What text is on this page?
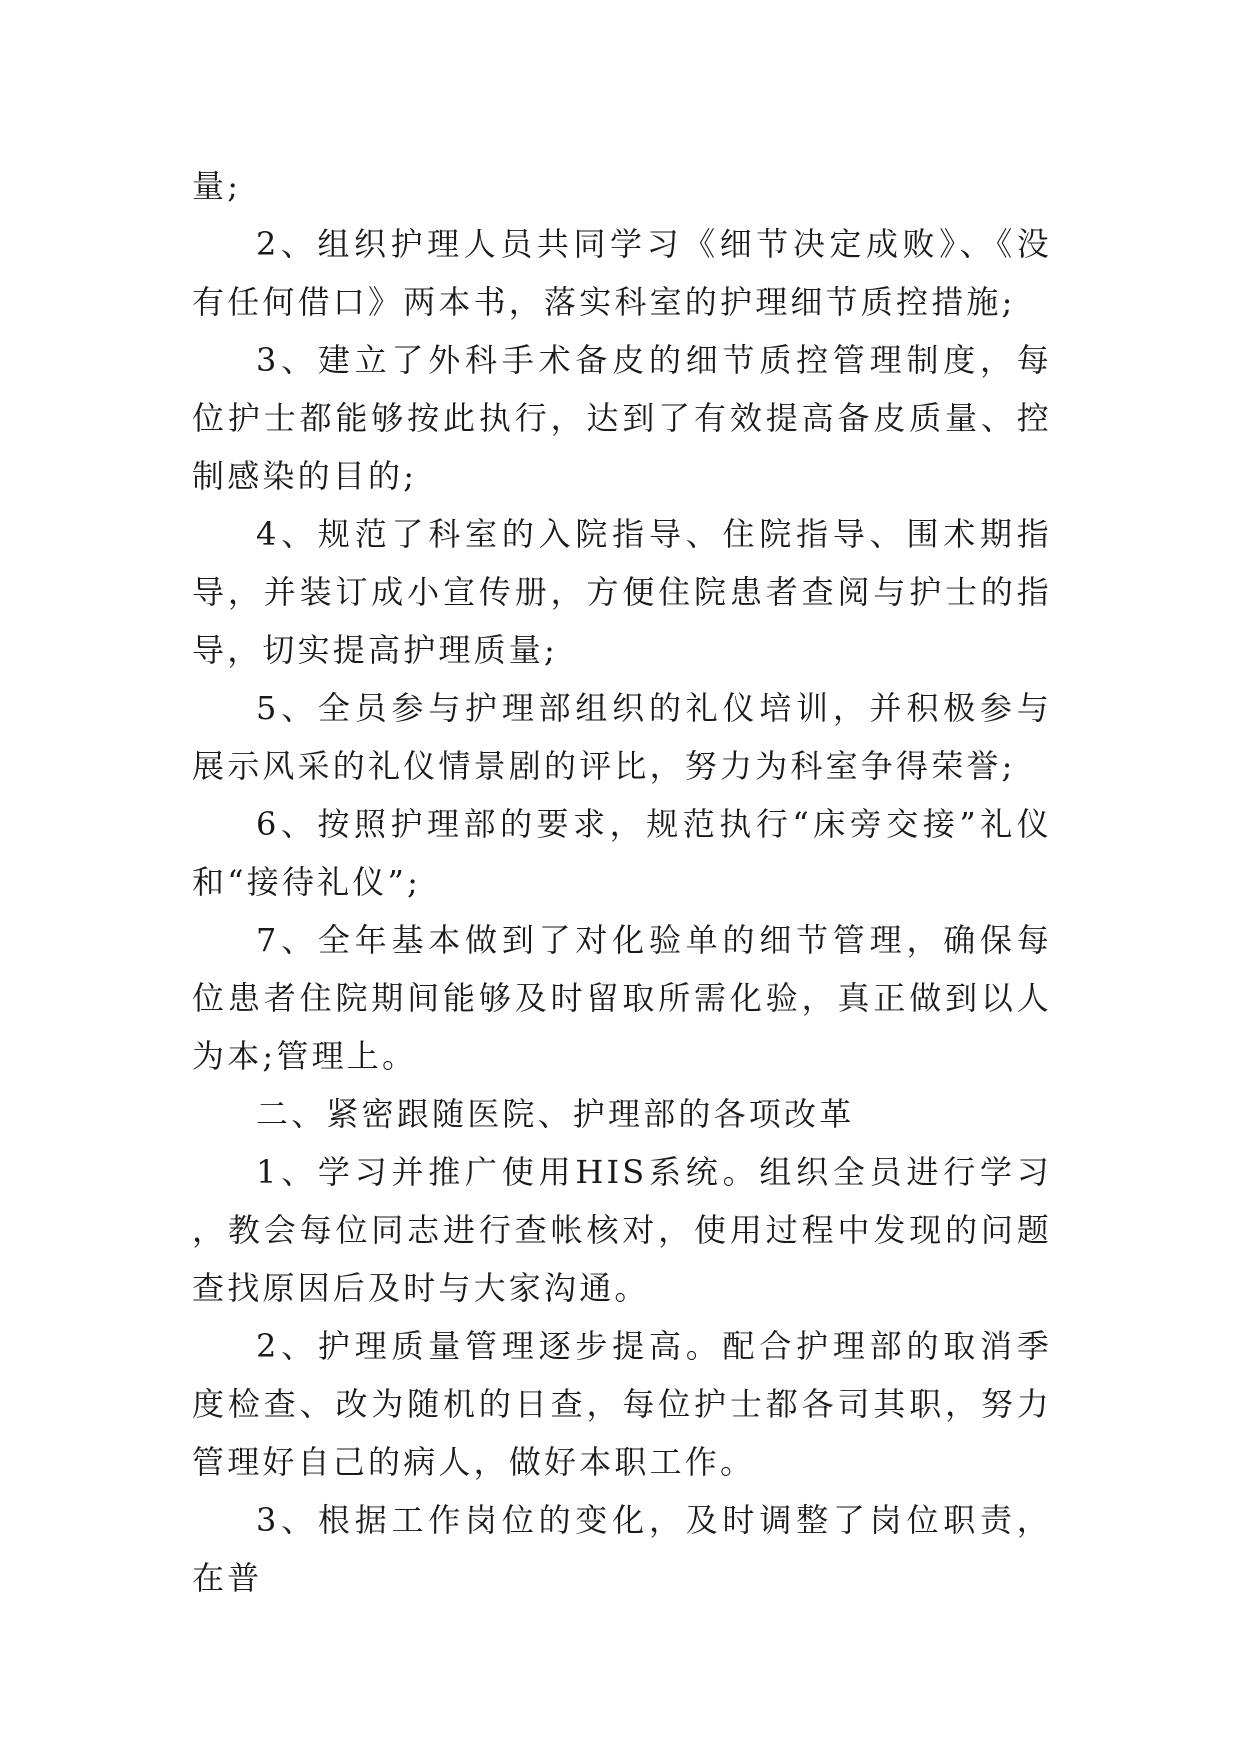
量;

2、组织护理人员共同学习《细节决定成败》、《没有任何借口》两本书，落实科室的护理细节质控措施;

3、建立了外科手术备皮的细节质控管理制度，每位护士都能够按此执行，达到了有效提高备皮质量、控制感染的目的;

4、规范了科室的入院指导、住院指导、围术期指导，并装订成小宣传册，方便住院患者查阅与护士的指导，切实提高护理质量;

5、全员参与护理部组织的礼仪培训，并积极参与展示风采的礼仪情景剧的评比，努力为科室争得荣誉;

6、按照护理部的要求，规范执行“床旁交接”礼仪和“接待礼仪”;

7、全年基本做到了对化验单的细节管理，确保每位患者住院期间能够及时留取所需化验，真正做到以人为本;管理上。

二、紧密跟随医院、护理部的各项改革

1、学习并推广使用HIS系统。组织全员进行学习，教会每位同志进行查帐核对，使用过程中发现的问题查找原因后及时与大家沟通。

2、护理质量管理逐步提高。配合护理部的取消季度检查、改为随机的日查，每位护士都各司其职，努力管理好自己的病人，做好本职工作。

3、根据工作岗位的变化，及时调整了岗位职责，在普
